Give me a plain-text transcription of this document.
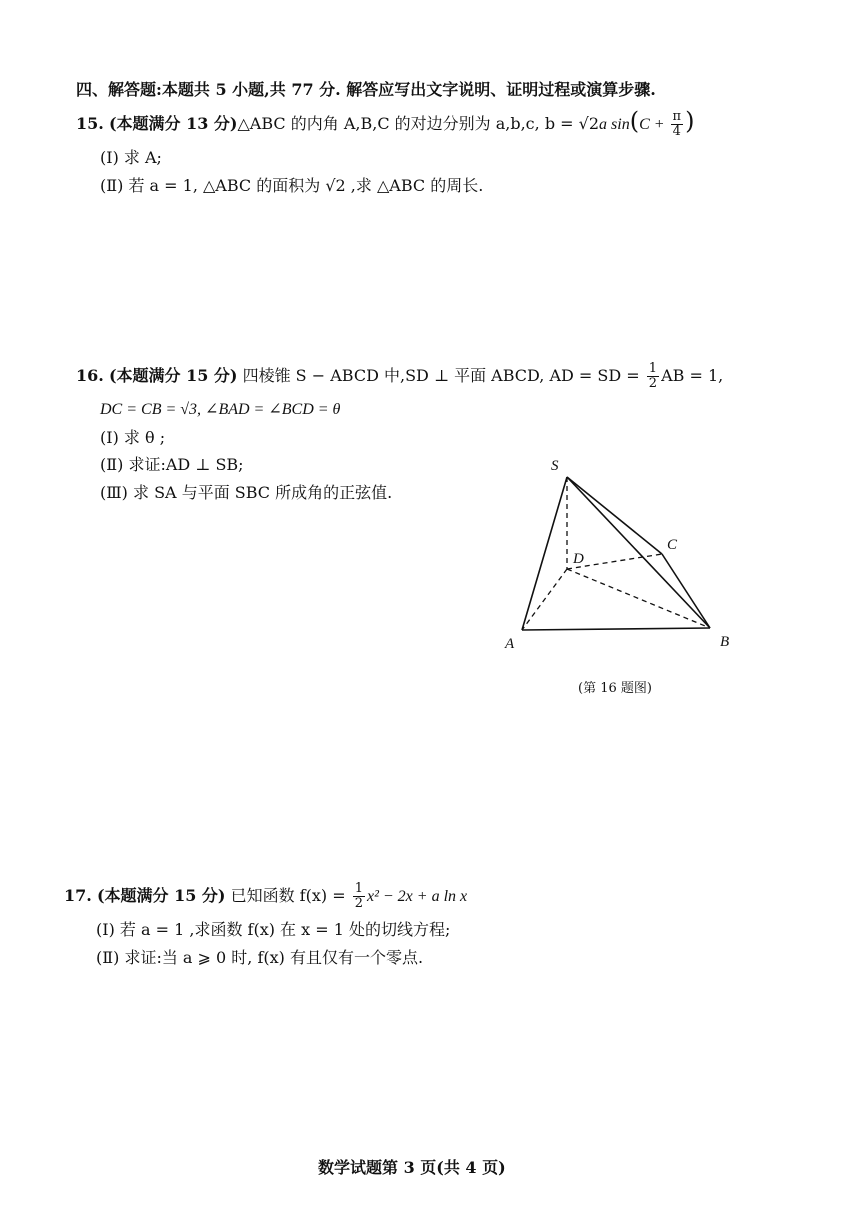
四、解答题:本题共 5 小题,共 77 分. 解答应写出文字说明、证明过程或演算步骤.
15. (本题满分 13 分)△ABC 的内角 A,B,C 的对边分别为 a,b,c, b = √2a $\sin(C + \frac{\pi}{4}$ )
(Ⅰ) 求 A;
(Ⅱ) 若 a = 1, △ABC 的面积为 √2 ,求 △ABC 的周长.
16. (本题满分 15 分) 四棱锥 S − ABCD 中,SD ⊥ 平面 ABCD, AD = SD = $\frac{1}{2}$ AB = 1,
DC = CB = √3, ∠BAD = ∠BCD = θ
(Ⅰ) 求 θ ;
(Ⅱ) 求证:AD ⊥ SB;
(Ⅲ) 求 SA 与平面 SBC 所成角的正弦值.
S
C
D
A	B
(第 16 题图)
17. (本题满分 15 分) 已知函数 $f(x) = \frac{1}{2} x^2 - 2x + a$ ln x
(Ⅰ) 若 a = 1 ,求函数 f(x) 在 x = 1 处的切线方程;
(Ⅱ) 求证:当 a ⩾ 0 时, f(x) 有且仅有一个零点.
数学试题第 3 页(共 4 页)
